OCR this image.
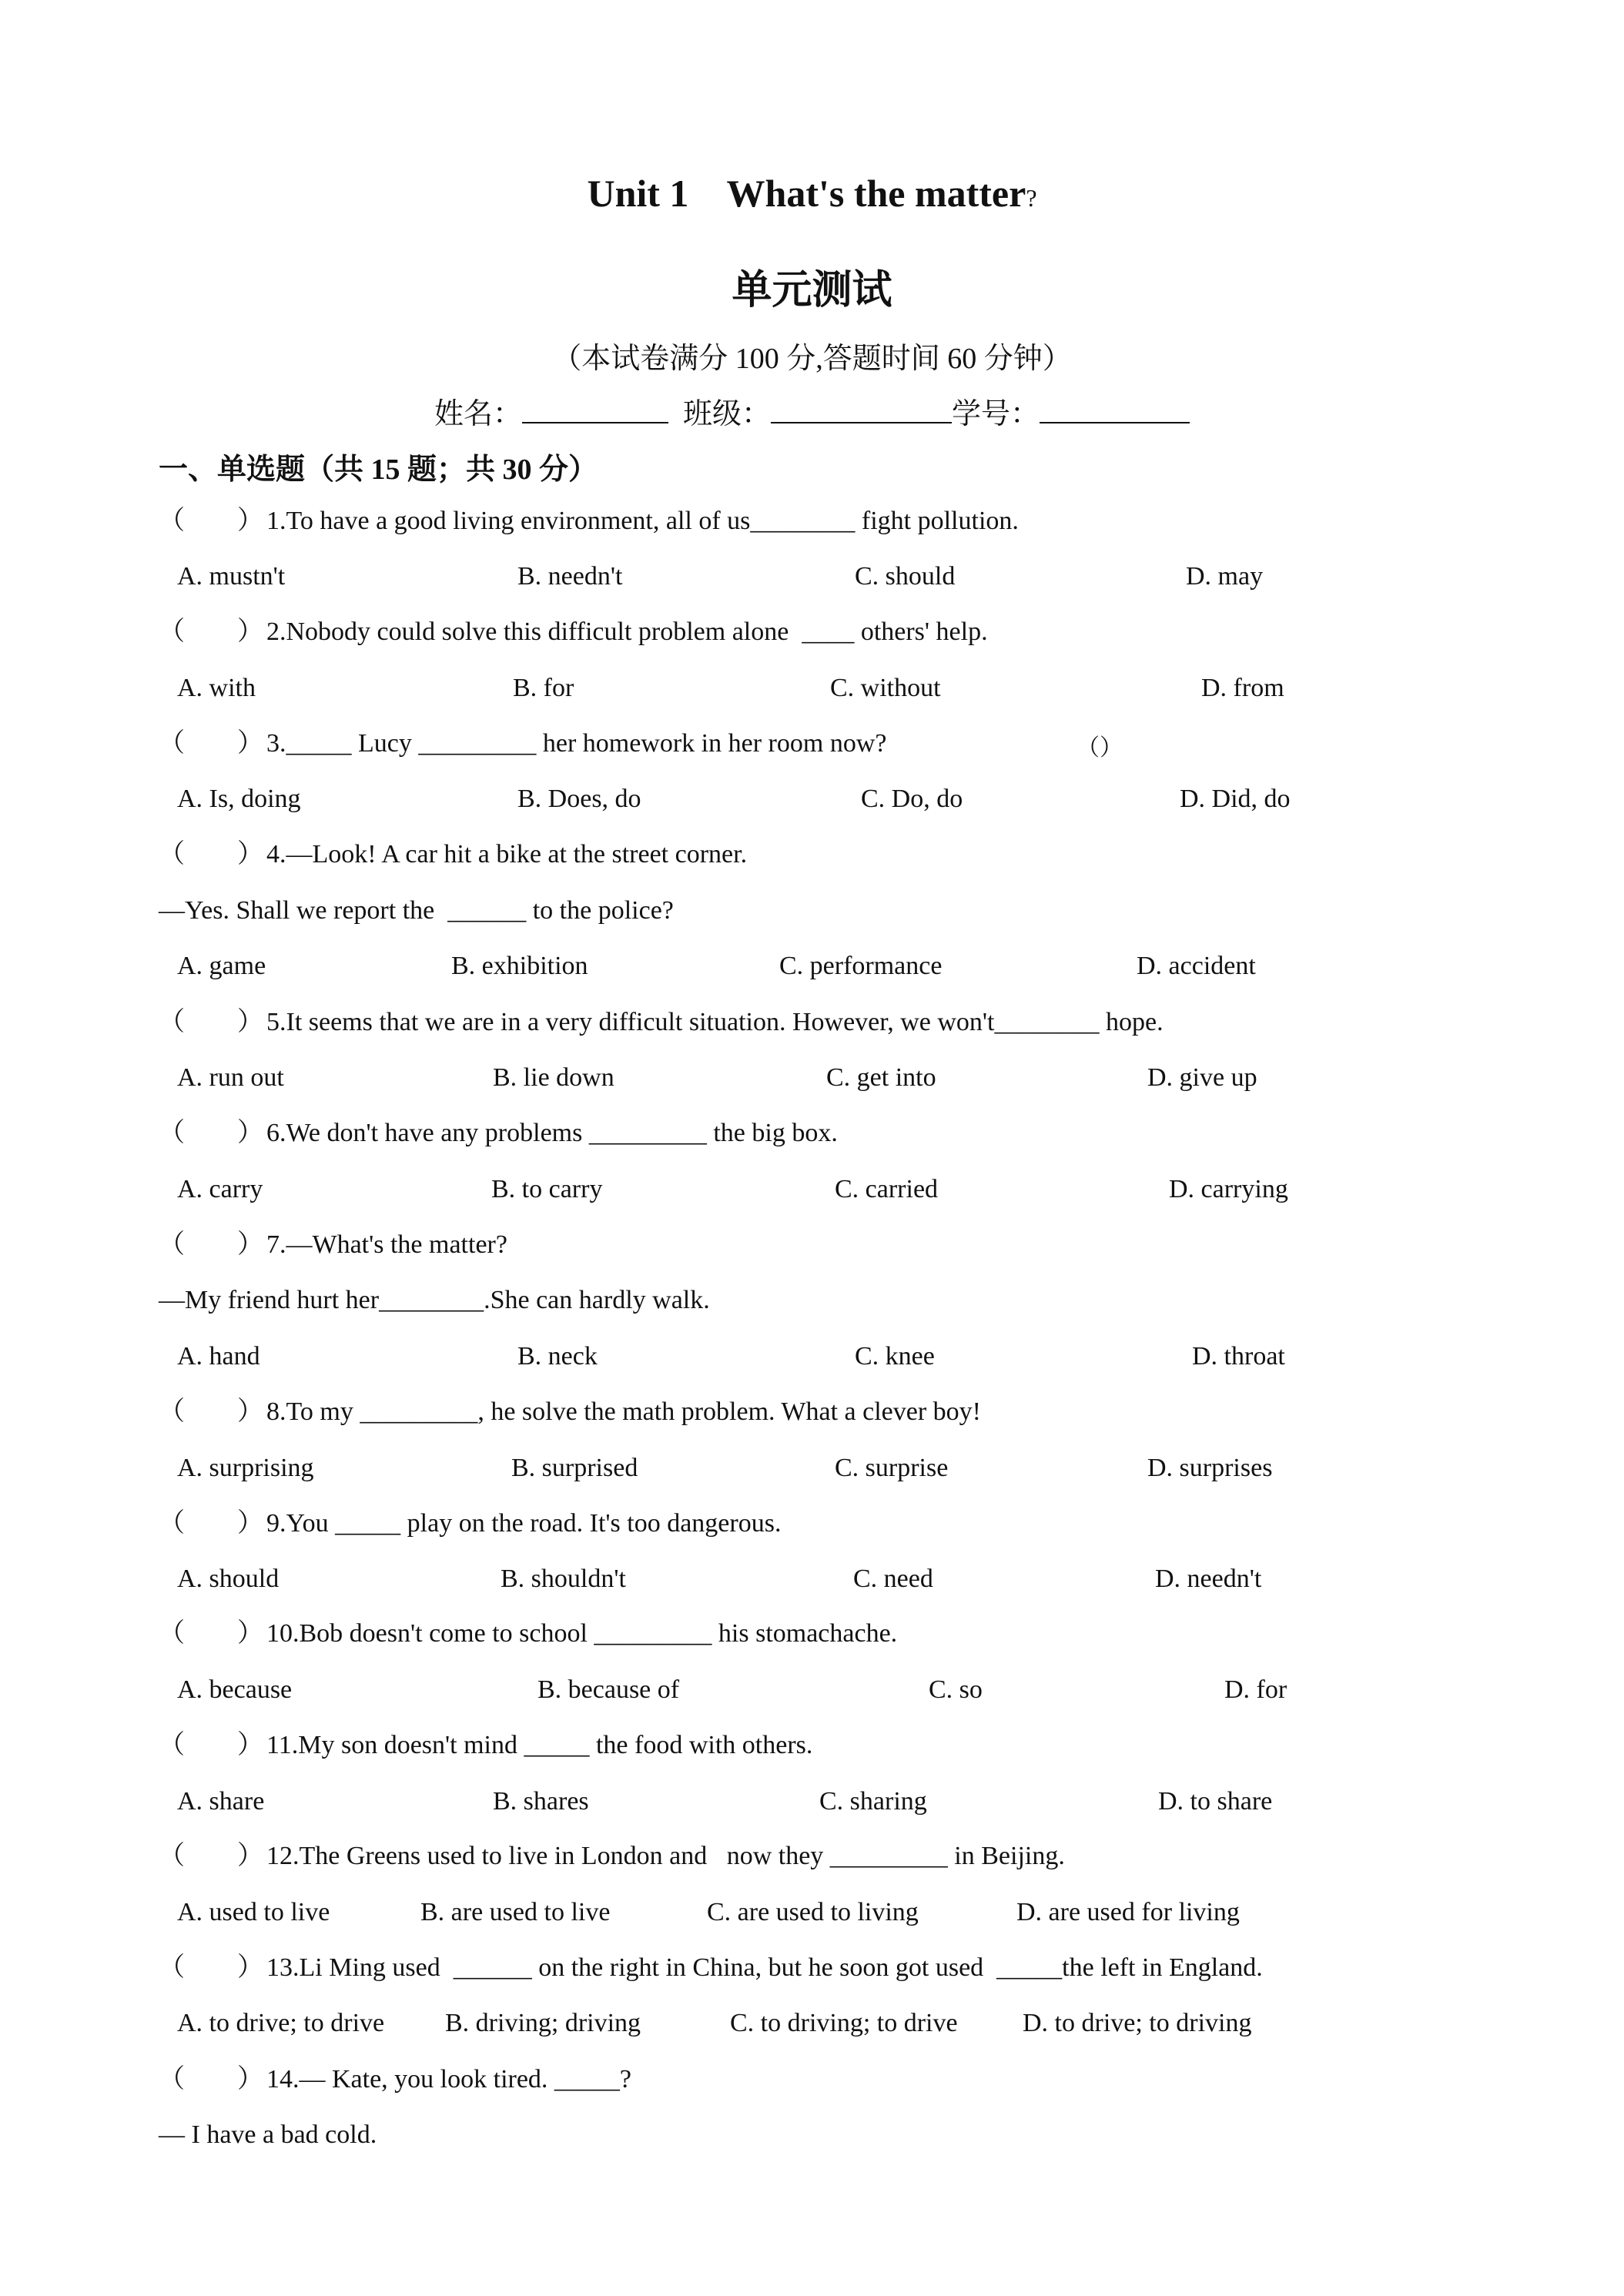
Unit 1    What's the matter?
单元测试
（本试卷满分 100 分,答题时间 60 分钟）
姓名：	班级：	学号：
一、单选题（共 15 题；共 30 分）
（　　） 1.To have a good living environment, all of us________ fight pollution.
A. mustn't	B. needn't	C. should	D. may
（　　） 2.Nobody could solve this difficult problem alone  ____ others' help.
A. with	B. for	C. without	D. from
（　　） 3._____ Lucy _________ her homework in her room now?	（）
A. Is, doing	B. Does, do	C. Do, do	D. Did, do
（　　） 4.—Look! A car hit a bike at the street corner.
—Yes. Shall we report the  ______ to the police?
A. game	B. exhibition	C. performance	D. accident
（　　） 5.It seems that we are in a very difficult situation. However, we won't________ hope.
A. run out	B. lie down	C. get into	D. give up
（　　） 6.We don't have any problems _________ the big box.
A. carry	B. to carry	C. carried	D. carrying
（　　） 7.—What's the matter?
—My friend hurt her________.She can hardly walk.
A. hand	B. neck	C. knee	D. throat
（　　） 8.To my _________, he solve the math problem. What a clever boy!
A. surprising	B. surprised	C. surprise	D. surprises
（　　） 9.You _____ play on the road. It's too dangerous.
A. should	B. shouldn't	C. need	D. needn't
（　　） 10.Bob doesn't come to school _________ his stomachache.
A. because	B. because of	C. so	D. for
（　　） 11.My son doesn't mind _____ the food with others.
A. share	B. shares	C. sharing	D. to share
（　　） 12.The Greens used to live in London and   now they _________ in Beijing.
A. used to live	B. are used to live	C. are used to living	D. are used for living
（　　） 13.Li Ming used  ______ on the right in China, but he soon got used  _____the left in England.
A. to drive; to drive B. driving; driving	C. to driving; to drive D. to drive; to driving
（　　） 14.— Kate, you look tired. _____?
— I have a bad cold.
